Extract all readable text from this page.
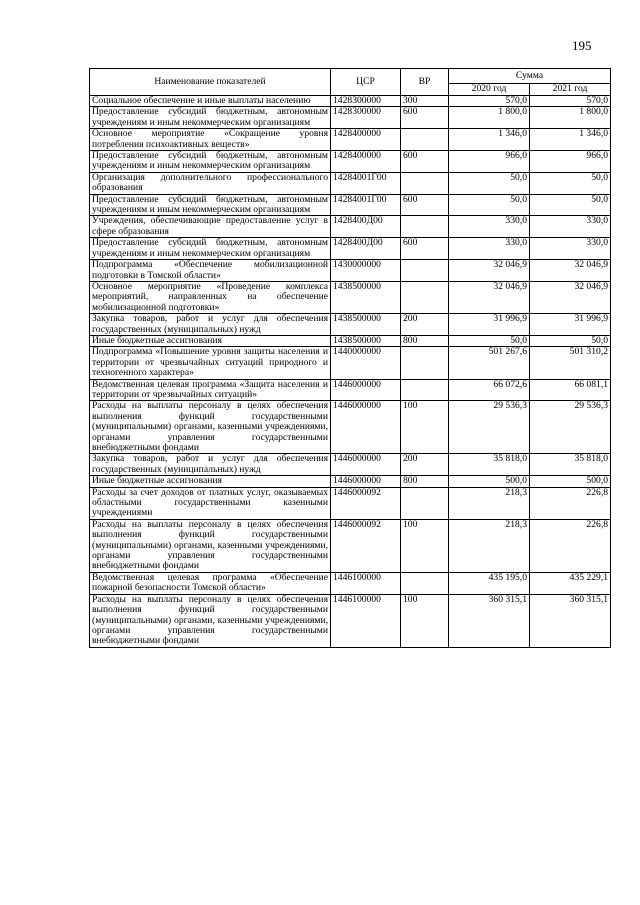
195
Наименование показателей	ЦСР	ВР	Сумма	
			2020 год	2021 год
Социальное обеспечение и иные выплаты населению	1428300000	300	570,0	570,0
Предоставление субсидий бюджетным, автономным учреждениям и иным некоммерческим организациям	1428300000	600	1 800,0	1 800,0
Основное мероприятие «Сокращение уровня потребления психоактивных веществ»	1428400000		1 346,0	1 346,0
Предоставление субсидий бюджетным, автономным учреждениям и иным некоммерческим организациям	1428400000	600	966,0	966,0
Организация дополнительного профессионального образования	14284001Г00		50,0	50,0
Предоставление субсидий бюджетным, автономным учреждениям и иным некоммерческим организациям	14284001Г00	600	50,0	50,0
Учреждения, обеспечивающие предоставление услуг в сфере образования	1428400Д00		330,0	330,0
Предоставление субсидий бюджетным, автономным учреждениям и иным некоммерческим организациям	1428400Д00	600	330,0	330,0
Подпрограмма «Обеспечение мобилизационной подготовки в Томской области»	1430000000		32 046,9	32 046,9
Основное мероприятие «Проведение комплекса мероприятий, направленных на обеспечение мобилизационной подготовки»	1438500000		32 046,9	32 046,9
Закупка товаров, работ и услуг для обеспечения государственных (муниципальных) нужд	1438500000	200	31 996,9	31 996,9
Иные бюджетные ассигнования	1438500000	800	50,0	50,0
Подпрограмма «Повышение уровня защиты населения и территории от чрезвычайных ситуаций природного и техногенного характера»	1440000000		501 267,6	501 310,2
Ведомственная целевая программа «Защита населения и территории от чрезвычайных ситуаций»	1446000000		66 072,6	66 081,1
Расходы на выплаты персоналу в целях обеспечения выполнения функций государственными (муниципальными) органами, казенными учреждениями, органами управления государственными внебюджетными фондами	1446000000	100	29 536,3	29 536,3
Закупка товаров, работ и услуг для обеспечения государственных (муниципальных) нужд	1446000000	200	35 818,0	35 818,0
Иные бюджетные ассигнования	1446000000	800	500,0	500,0
Расходы за счет доходов от платных услуг, оказываемых областными государственными казенными учреждениями	1446000092		218,3	226,8
Расходы на выплаты персоналу в целях обеспечения выполнения функций государственными (муниципальными) органами, казенными учреждениями, органами управления государственными внебюджетными фондами	1446000092	100	218,3	226,8
Ведомственная целевая программа «Обеспечение пожарной безопасности Томской области»	1446100000		435 195,0	435 229,1
Расходы на выплаты персоналу в целях обеспечения выполнения функций государственными (муниципальными) органами, казенными учреждениями, органами управления государственными внебюджетными фондами	1446100000	100	360 315,1	360 315,1
